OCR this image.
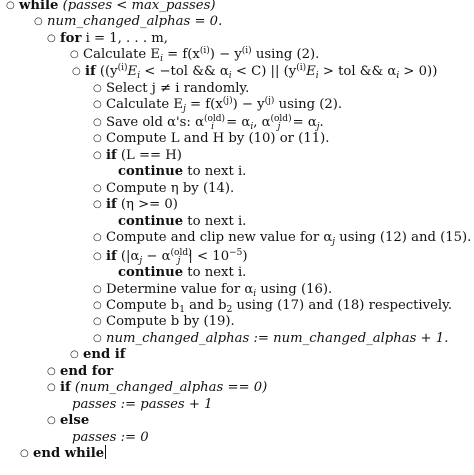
○ while (passes < max_passes)
○ num_changed_alphas = 0.
○ for i = 1, . . . m,
○ Calculate $E_i = f(x^{(i)}) - y^{(i)}$ using (2).
○ if (($y^{(i)}E_i < -tol$ && $\alpha_i < C$) || ($y^{(i)}E_i$ > tol && $\alpha_i > 0$))
○ Select j ≠ i randomly.
○ Calculate $E_j = f(x^{(j)}) - y^{(j)}$ using (2).
○ Save old α's: $\alpha^{(old)}_i = \alpha_i$, $\alpha^{(old)}_j = \alpha_j$.
○ Compute L and H by (10) or (11).
○ if (L == H)
continue to next i.
○ Compute η by (14).
○ if (η >= 0)
continue to next i.
○ Compute and clip new value for $\alpha_j$ using (12) and (15).
○ if ($|\alpha_j - \alpha^{(old)}_j$ | < $10^{-5}$)
continue to next i.
○ Determine value for $\alpha_i$ using (16).
○ Compute $b_1$ and $b_2$ using (17) and (18) respectively.
○ Compute b by (19).
○ num_changed_alphas := num_changed_alphas + 1.
○ end if
○ end for
○ if (num_changed_alphas == 0)
passes := passes + 1
○ else
passes := 0
○ end while
